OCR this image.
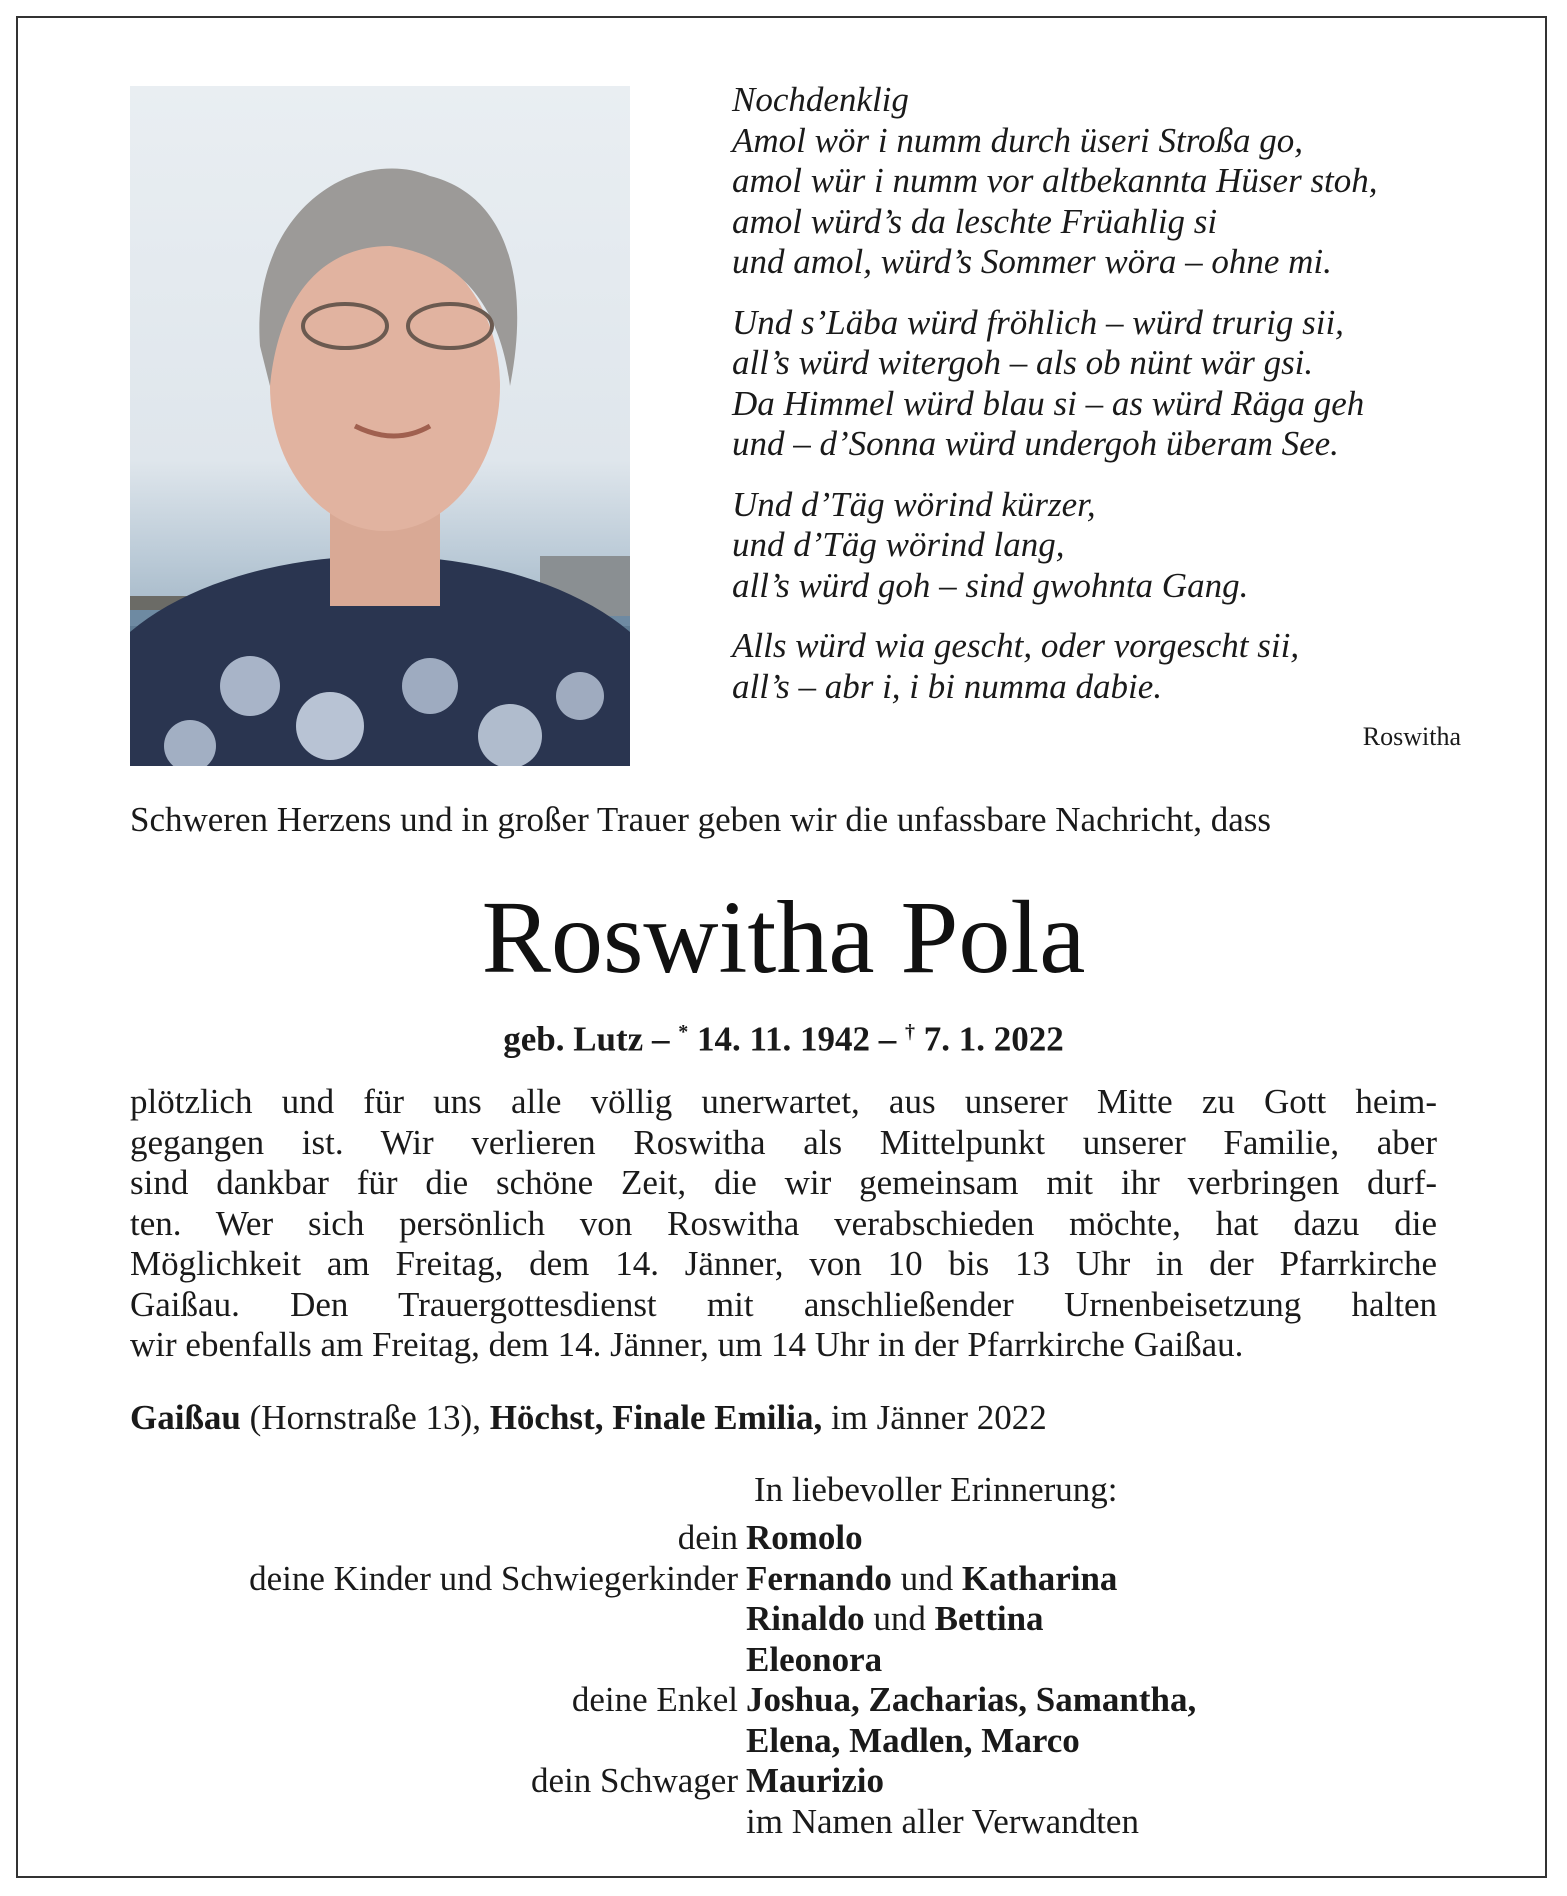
Nochdenklig
Amol wör i numm durch üseri Stroßa go,
amol wür i numm vor altbekannta Hüser stoh,
amol würd’s da leschte Früahlig si
und amol, würd’s Sommer wöra – ohne mi.
Und s’Läba würd fröhlich – würd trurig sii,
all’s würd witergoh – als ob nünt wär gsi.
Da Himmel würd blau si – as würd Räga geh
und – d’Sonna würd undergoh überam See.
Und d’Täg wörind kürzer,
und d’Täg wörind lang,
all’s würd goh – sind gwohnta Gang.
Alls würd wia gescht, oder vorgescht sii,
all’s – abr i, i bi numma dabie.
Roswitha
Schweren Herzens und in großer Trauer geben wir die unfassbare Nachricht, dass
Roswitha Pola
geb. Lutz – * 14. 11. 1942 – † 7. 1. 2022
plötzlich und für uns alle völlig unerwartet, aus unserer Mitte zu Gott heim-
gegangen ist. Wir verlieren Roswitha als Mittelpunkt unserer Familie, aber
sind dankbar für die schöne Zeit, die wir gemeinsam mit ihr verbringen durf-
ten. Wer sich persönlich von Roswitha verabschieden möchte, hat dazu die
Möglichkeit am Freitag, dem 14. Jänner, von 10 bis 13 Uhr in der Pfarrkirche
Gaißau. Den Trauergottesdienst mit anschließender Urnenbeisetzung halten
wir ebenfalls am Freitag, dem 14. Jänner, um 14 Uhr in der Pfarrkirche Gaißau.
Gaißau (Hornstraße 13), Höchst, Finale Emilia, im Jänner 2022
In liebevoller Erinnerung:
dein Romolo
deine Kinder und Schwiegerkinder Fernando und Katharina
Rinaldo und Bettina
Eleonora
deine Enkel Joshua, Zacharias, Samantha,
Elena, Madlen, Marco
dein Schwager Maurizio
im Namen aller Verwandten
